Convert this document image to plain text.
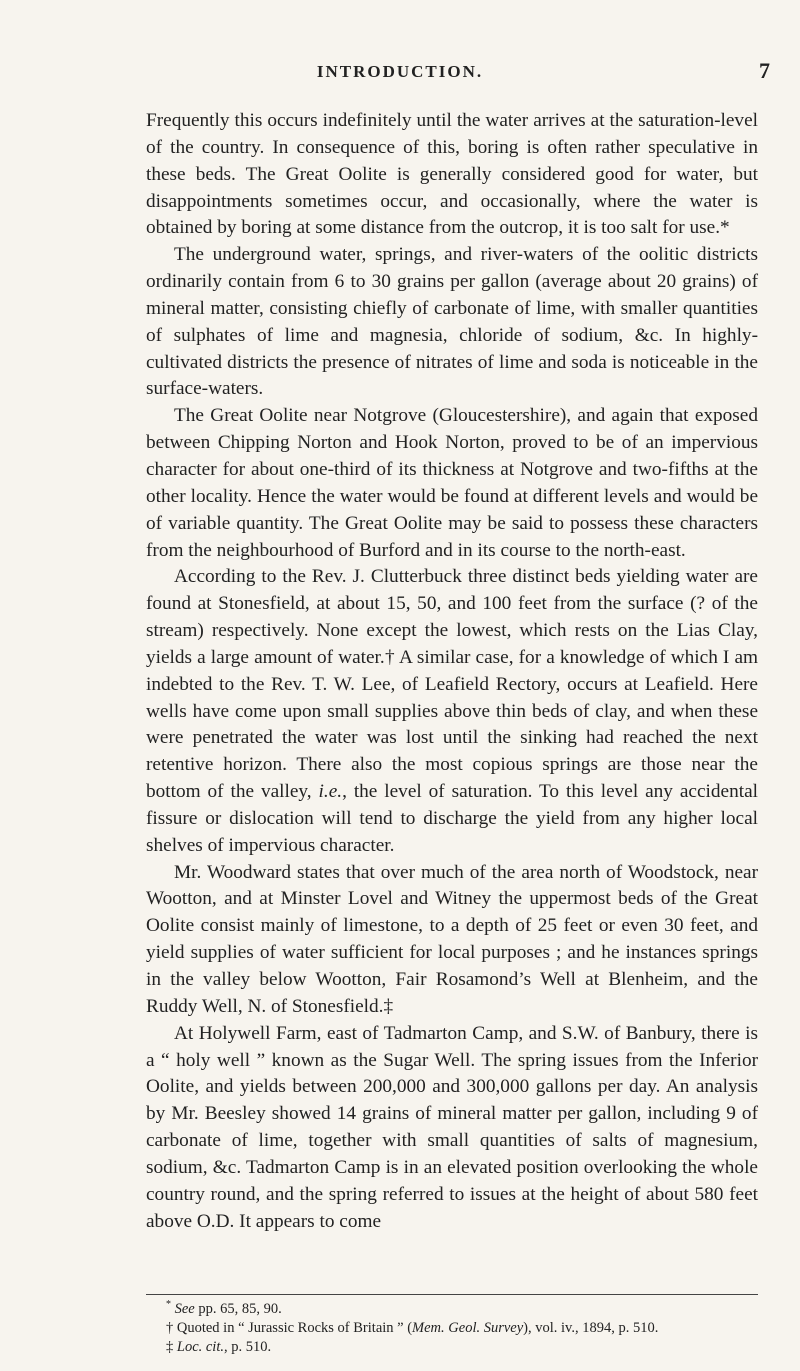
INTRODUCTION.	7

Frequently this occurs indefinitely until the water arrives at the saturation-level of the country. In consequence of this, boring is often rather speculative in these beds. The Great Oolite is generally considered good for water, but disappointments sometimes occur, and occasionally, where the water is obtained by boring at some distance from the outcrop, it is too salt for use.*

The underground water, springs, and river-waters of the oolitic districts ordinarily contain from 6 to 30 grains per gallon (average about 20 grains) of mineral matter, consisting chiefly of carbonate of lime, with smaller quantities of sulphates of lime and magnesia, chloride of sodium, &c. In highly-cultivated districts the presence of nitrates of lime and soda is noticeable in the surface-waters.

The Great Oolite near Notgrove (Gloucestershire), and again that exposed between Chipping Norton and Hook Norton, proved to be of an impervious character for about one-third of its thickness at Notgrove and two-fifths at the other locality. Hence the water would be found at different levels and would be of variable quantity. The Great Oolite may be said to possess these characters from the neighbourhood of Burford and in its course to the north-east.

According to the Rev. J. Clutterbuck three distinct beds yielding water are found at Stonesfield, at about 15, 50, and 100 feet from the surface (? of the stream) respectively. None except the lowest, which rests on the Lias Clay, yields a large amount of water.† A similar case, for a knowledge of which I am indebted to the Rev. T. W. Lee, of Leafield Rectory, occurs at Leafield. Here wells have come upon small supplies above thin beds of clay, and when these were penetrated the water was lost until the sinking had reached the next retentive horizon. There also the most copious springs are those near the bottom of the valley, i.e., the level of saturation. To this level any accidental fissure or dislocation will tend to discharge the yield from any higher local shelves of impervious character.

Mr. Woodward states that over much of the area north of Woodstock, near Wootton, and at Minster Lovel and Witney the uppermost beds of the Great Oolite consist mainly of limestone, to a depth of 25 feet or even 30 feet, and yield supplies of water sufficient for local purposes ; and he instances springs in the valley below Wootton, Fair Rosamond’s Well at Blenheim, and the Ruddy Well, N. of Stonesfield.‡

At Holywell Farm, east of Tadmarton Camp, and S.W. of Banbury, there is a “ holy well ” known as the Sugar Well. The spring issues from the Inferior Oolite, and yields between 200,000 and 300,000 gallons per day. An analysis by Mr. Beesley showed 14 grains of mineral matter per gallon, including 9 of carbonate of lime, together with small quantities of salts of magnesium, sodium, &c. Tadmarton Camp is in an elevated position overlooking the whole country round, and the spring referred to issues at the height of about 580 feet above O.D. It appears to come

* See pp. 65, 85, 90.

† Quoted in “ Jurassic Rocks of Britain ” (Mem. Geol. Survey), vol. iv., 1894, p. 510.

‡ Loc. cit., p. 510.
